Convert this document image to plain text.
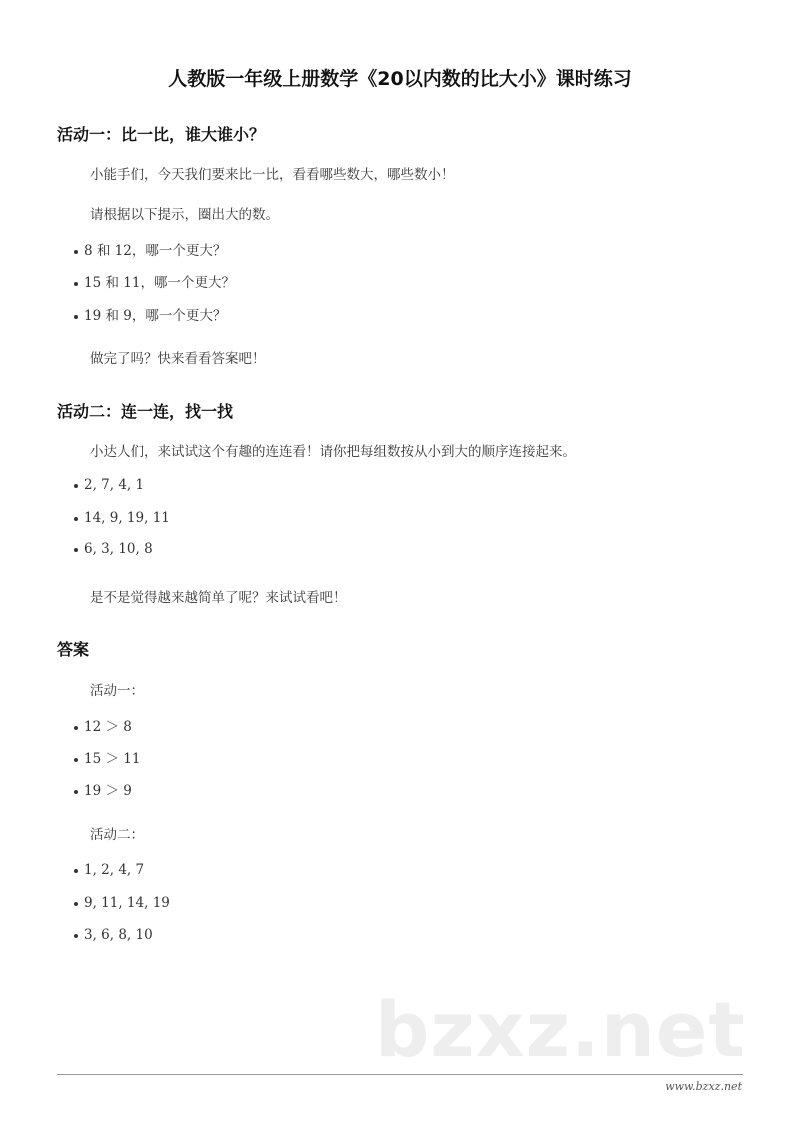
人教版一年级上册数学《20以内数的比大小》课时练习
活动一：比一比，谁大谁小？
小能手们，今天我们要来比一比，看看哪些数大，哪些数小！
请根据以下提示，圈出大的数。
8 和 12，哪一个更大？
15 和 11，哪一个更大？
19 和 9，哪一个更大？
做完了吗？快来看看答案吧！
活动二：连一连，找一找
小达人们，来试试这个有趣的连连看！请你把每组数按从小到大的顺序连接起来。
2, 7, 4, 1
14, 9, 19, 11
6, 3, 10, 8
是不是觉得越来越简单了呢？来试试看吧！
答案
活动一：
12 ＞ 8
15 ＞ 11
19 ＞ 9
活动二：
1, 2, 4, 7
9, 11, 14, 19
3, 6, 8, 10
bzxz.net
www.bzxz.net
